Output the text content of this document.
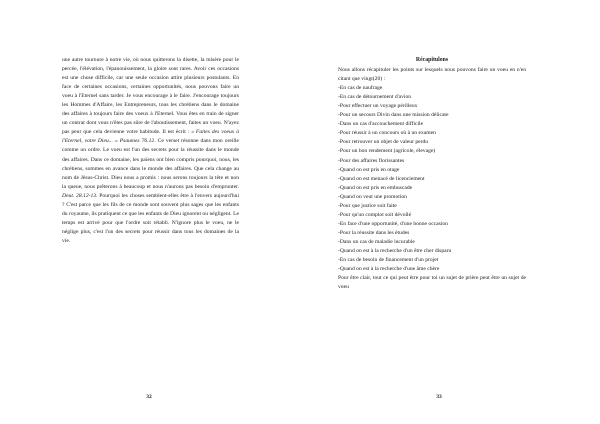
une autre tournure à notre vie, où nous quitterons la disette, la misère pour le percée, l'élévation, l'épanouissement, la gloire sont rares. Avoir ces occasions est une chose difficile, car une seule occasion attire plusieurs postulants. En face de certaines occasions, certaines opportunités, nous pouvons faire un voeu à l'Eternel sans tarder. Je vous encourage à le faire. J'encourage toujours les Hommes d'Affaire, les Entrepreneurs, tous les chrétiens dans le domaine des affaires à toujours faire des voeux à l'Eternel. Vous êtes en train de signer un contrat dont vous n'êtes pas sûre de l'aboutissement, faites un voeu. N'ayez pas peur que cela devienne votre habitude. Il est écrit : « Faites des voeux à l'Eternel, votre Dieu... » Psaumes 76.12. Ce verset résonne dans mon oreille comme un ordre. Le voeu est l'un des secrets pour la réussite dans le monde des affaires. Dans ce domaine, les païens ont bien compris pourquoi, nous, les chrétiens, sommes en avance dans le monde des affaires. Que cela change au nom de Jésus-Christ. Dieu nous a promis : nous serons toujours la tête et non la queue, nous prêterons à beaucoup et nous n'aurons pas besoin d'emprunter. Deut. 28.12-13. Pourquoi les choses semblent-elles être à l'envers aujourd'hui ? C'est parce que les fils de ce monde sont souvent plus sages que les enfants du royaume, ils pratiquent ce que les enfants de Dieu ignorent ou négligent. Le temps est arrivé pour que l'ordre soit rétabli. N'ignore plus le voeu, ne le néglige plus, c'est l'un des secrets pour réussir dans tous les domaines de la vie.

32

Récapitulons

Nous allons récapituler les points sur lesquels nous pouvons faire un voeu en n'en citant que vingt(20) :

-En cas de naufrage
-En cas de détournement d'avion
-Pour effectuer un voyage périlleux
-Pour un secours Divin dans une mission délicate
-Dans un cas d'accouchement difficile
-Pour réussir à un concours où à un examen
-Pour retrouver un objet de valeur perdu
-Pour un bon rendement (agricole, élevage)
-Pour des affaires florissantes
-Quand on est pris en otage
-Quand on est menacé de licenciement
-Quand on est pris en embuscade
-Quand on veut une promotion
-Pour que justice soit faite
-Pour qu'un complot soit dévoilé
-En face d'une opportunité, d'une bonne occasion
-Pour la réussite dans les études
-Dans un cas de maladie incurable
-Quand on est à la recherche d'un être cher disparu
-En cas de besoin de financement d'un projet
-Quand on est à la recherche d'une âme chère

Pour être clair, tout ce qui peut être pour toi un sujet de prière peut être un sujet de voeu

33
